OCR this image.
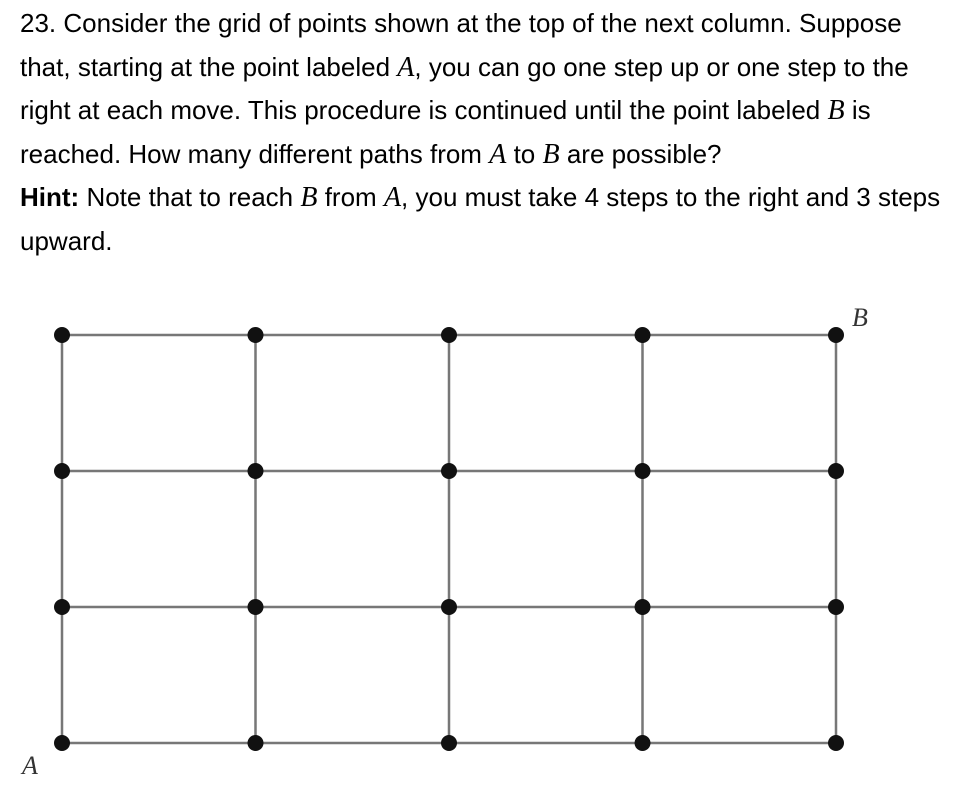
23. Consider the grid of points shown at the top of the next column. Suppose that, starting at the point labeled A, you can go one step up or one step to the right at each move. This procedure is continued until the point labeled B is reached. How many different paths from A to B are possible?

Hint: Note that to reach B from A, you must take 4 steps to the right and 3 steps upward.

A
B
